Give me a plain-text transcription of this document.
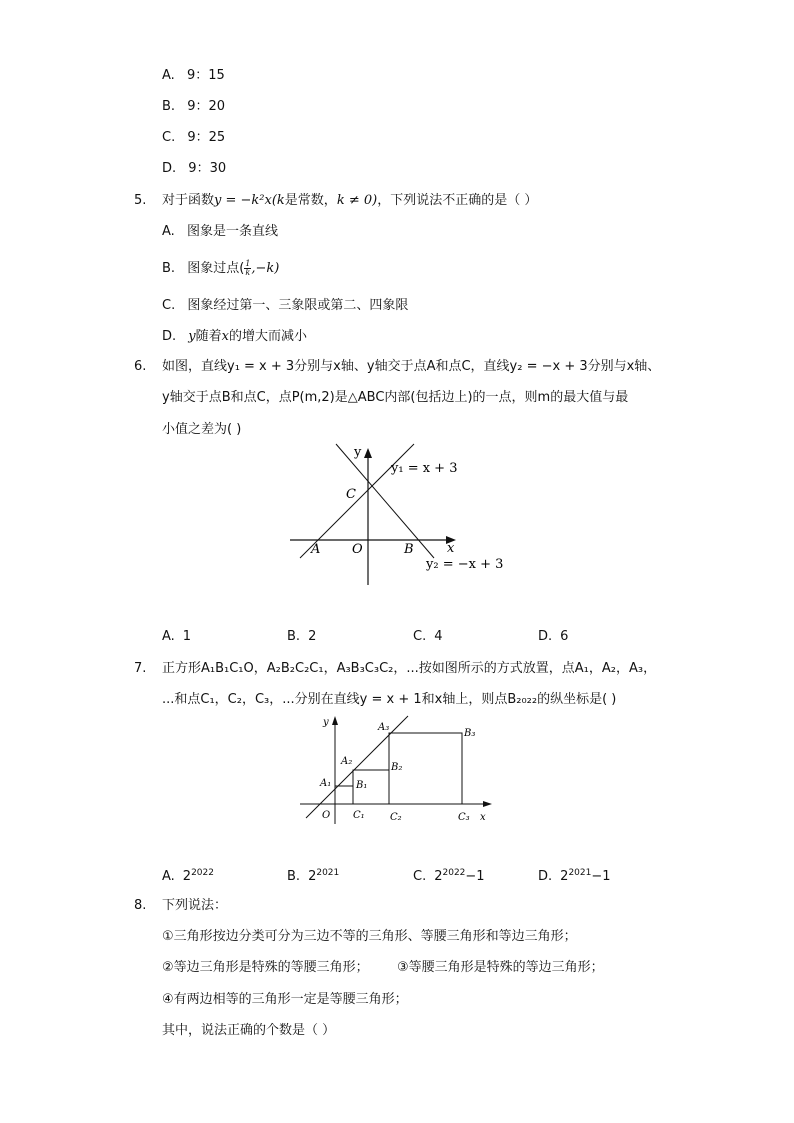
A. 9：15
B. 9：20
C. 9：25
D. 9：30
5. 对于函数y = −k²x(k是常数，k ≠ 0)，下列说法不正确的是（ ）
A. 图象是一条直线
B. 图象过点( $\frac{1}{k} ,-k$)
C. 图象经过第一、三象限或第二、四象限
D. y随着x的增大而减小
6. 如图，直线y₁ = x + 3分别与x轴、y轴交于点A和点C，直线y₂ = −x + 3分别与x轴、
y轴交于点B和点C，点P(m,2)是△ABC内部(包括边上)的一点，则m的最大值与最
小值之差为( )
y
x
y₁ = x + 3
y₂ = −x + 3
A	B
C
O
A. 1	B. 2	C. 4	D. 6
7. 正方形A₁B₁C₁O，A₂B₂C₂C₁，A₃B₃C₃C₂，...按如图所示的方式放置，点A₁，A₂，A₃，
...和点C₁，C₂，C₃，...分别在直线y = x + 1和x轴上，则点B₂₀₂₂的纵坐标是( )
y
x
O
A₁
A₂
A₃
B₁
B₂
B₃
C₁	C₂	C₃
A. $2^{2022}$	B. $2^{2021}$	C. $2^{2022}-1$	D. $2^{2021}-1$
8. 下列说法：
①三角形按边分类可分为三边不等的三角形、等腰三角形和等边三角形；
②等边三角形是特殊的等腰三角形； ③等腰三角形是特殊的等边三角形；
④有两边相等的三角形一定是等腰三角形；
其中，说法正确的个数是（ ）
